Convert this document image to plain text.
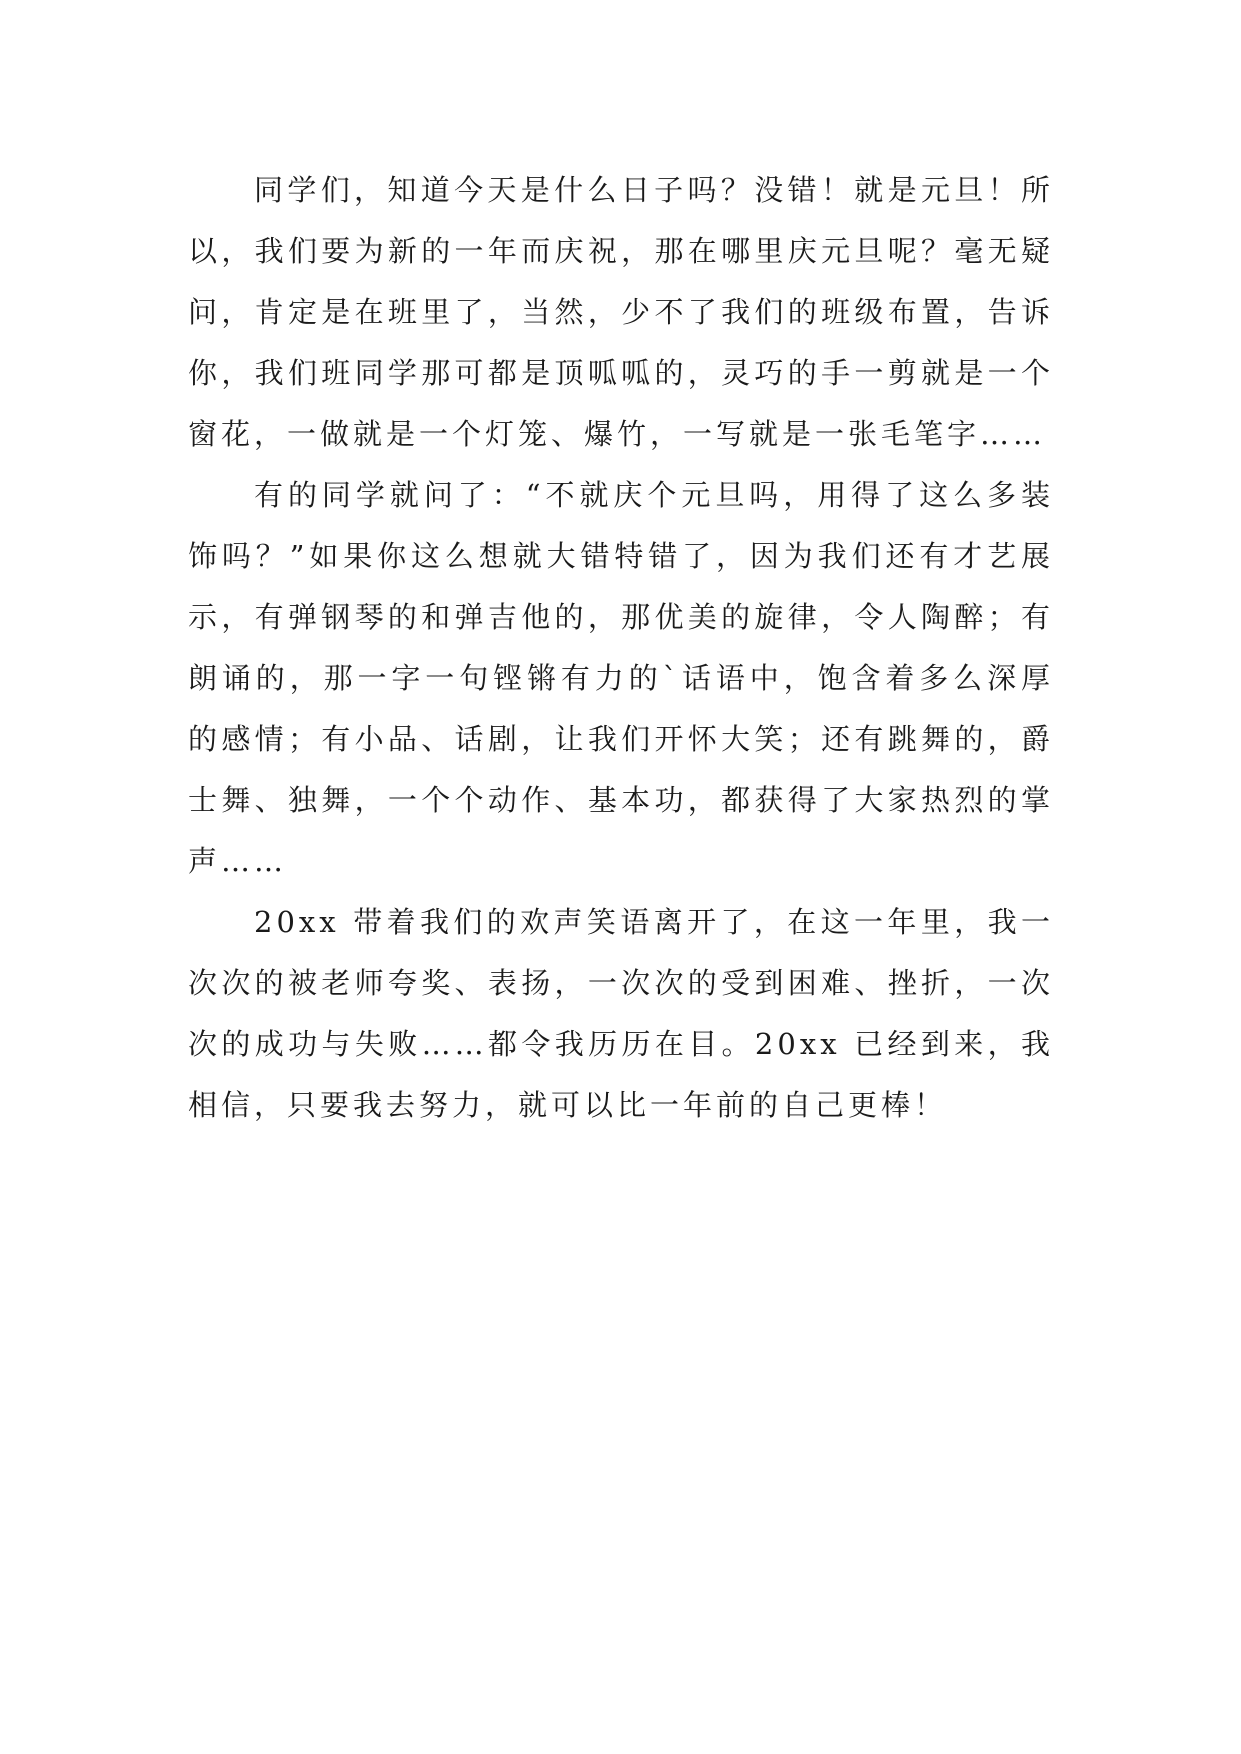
同学们，知道今天是什么日子吗？没错！就是元旦！所以，我们要为新的一年而庆祝，那在哪里庆元旦呢？毫无疑问，肯定是在班里了，当然，少不了我们的班级布置，告诉你，我们班同学那可都是顶呱呱的，灵巧的手一剪就是一个窗花，一做就是一个灯笼、爆竹，一写就是一张毛笔字……

有的同学就问了：“不就庆个元旦吗，用得了这么多装饰吗？”如果你这么想就大错特错了，因为我们还有才艺展示，有弹钢琴的和弹吉他的，那优美的旋律，令人陶醉；有朗诵的，那一字一句铿锵有力的`话语中，饱含着多么深厚的感情；有小品、话剧，让我们开怀大笑；还有跳舞的，爵士舞、独舞，一个个动作、基本功，都获得了大家热烈的掌声……

20xx 带着我们的欢声笑语离开了，在这一年里，我一次次的被老师夸奖、表扬，一次次的受到困难、挫折，一次次的成功与失败……都令我历历在目。20xx 已经到来，我相信，只要我去努力，就可以比一年前的自己更棒！
